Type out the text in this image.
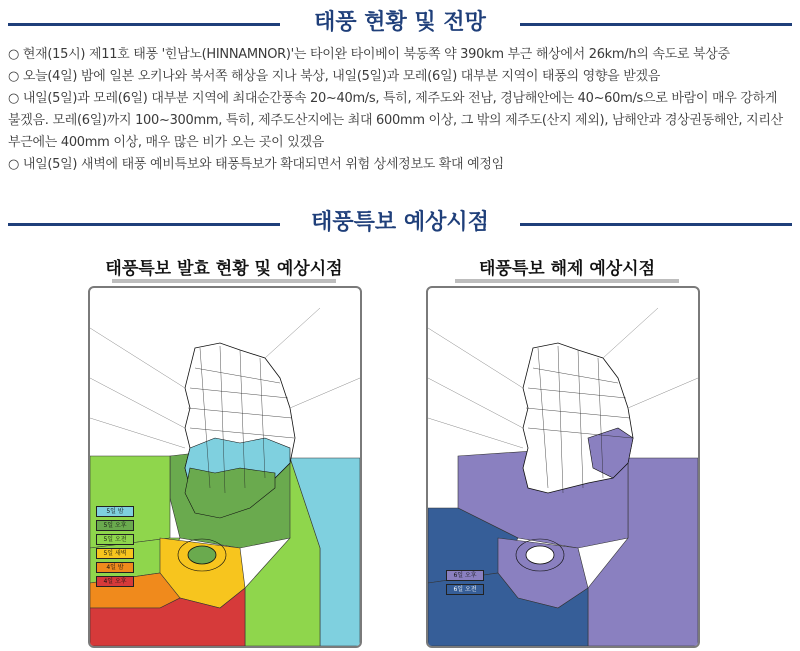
태풍 현황 및 전망

○ 현재(15시) 제11호 태풍 '힌남노(HINNAMNOR)'는 타이완 타이베이 북동쪽 약 390km 부근 해상에서 26km/h의 속도로 북상중

○ 오늘(4일) 밤에 일본 오키나와 북서쪽 해상을 지나 북상, 내일(5일)과 모레(6일) 대부분 지역이 태풍의 영향을 받겠음

○ 내일(5일)과 모레(6일) 대부분 지역에 최대순간풍속 20~40m/s, 특히, 제주도와 전남, 경남해안에는 40~60m/s으로 바람이 매우 강하게 불겠음. 모레(6일)까지 100~300mm, 특히, 제주도산지에는 최대 600mm 이상, 그 밖의 제주도(산지 제외), 남해안과 경상권동해안, 지리산 부근에는 400mm 이상, 매우 많은 비가 오는 곳이 있겠음

○ 내일(5일) 새벽에 태풍 예비특보와 태풍특보가 확대되면서 위험 상세정보도 확대 예정임

태풍특보 예상시점
태풍특보 발효 현황 및 예상시점	태풍특보 해제 예상시점
5일 밤
5일 오후
5일 오전
5일 새벽
4일 밤
4일 오후
6일 오후
6일 오전
